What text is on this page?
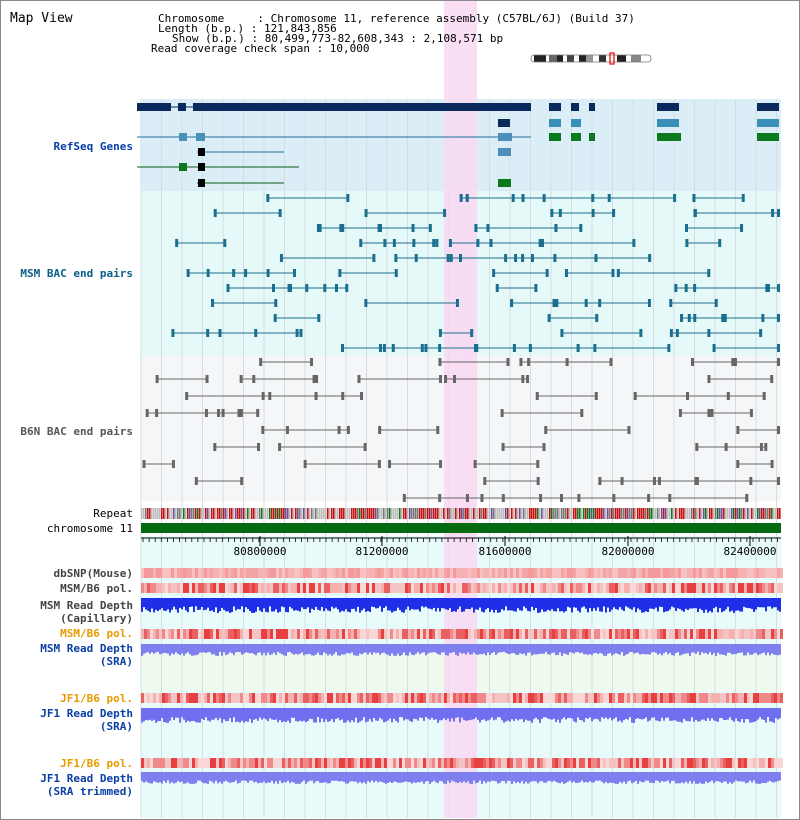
80800000	81200000	81600000	82000000	82400000
Map View	Chromosome     : Chromosome 11, reference assembly (C57BL/6J) (Build 37)
Length (b.p.) : 121,843,856
Show (b.p.) : 80,499,773-82,608,343 : 2,108,571 bp
Read coverage check span : 10,000
RefSeq Genes
MSM BAC end pairs
B6N BAC end pairs
Repeat
chromosome 11
dbSNP(Mouse)
MSM/B6 pol.
MSM Read Depth
(Capillary)
MSM/B6 pol.
MSM Read Depth
(SRA)
JF1/B6 pol.
JF1 Read Depth
(SRA)
JF1/B6 pol.
JF1 Read Depth
(SRA trimmed)
